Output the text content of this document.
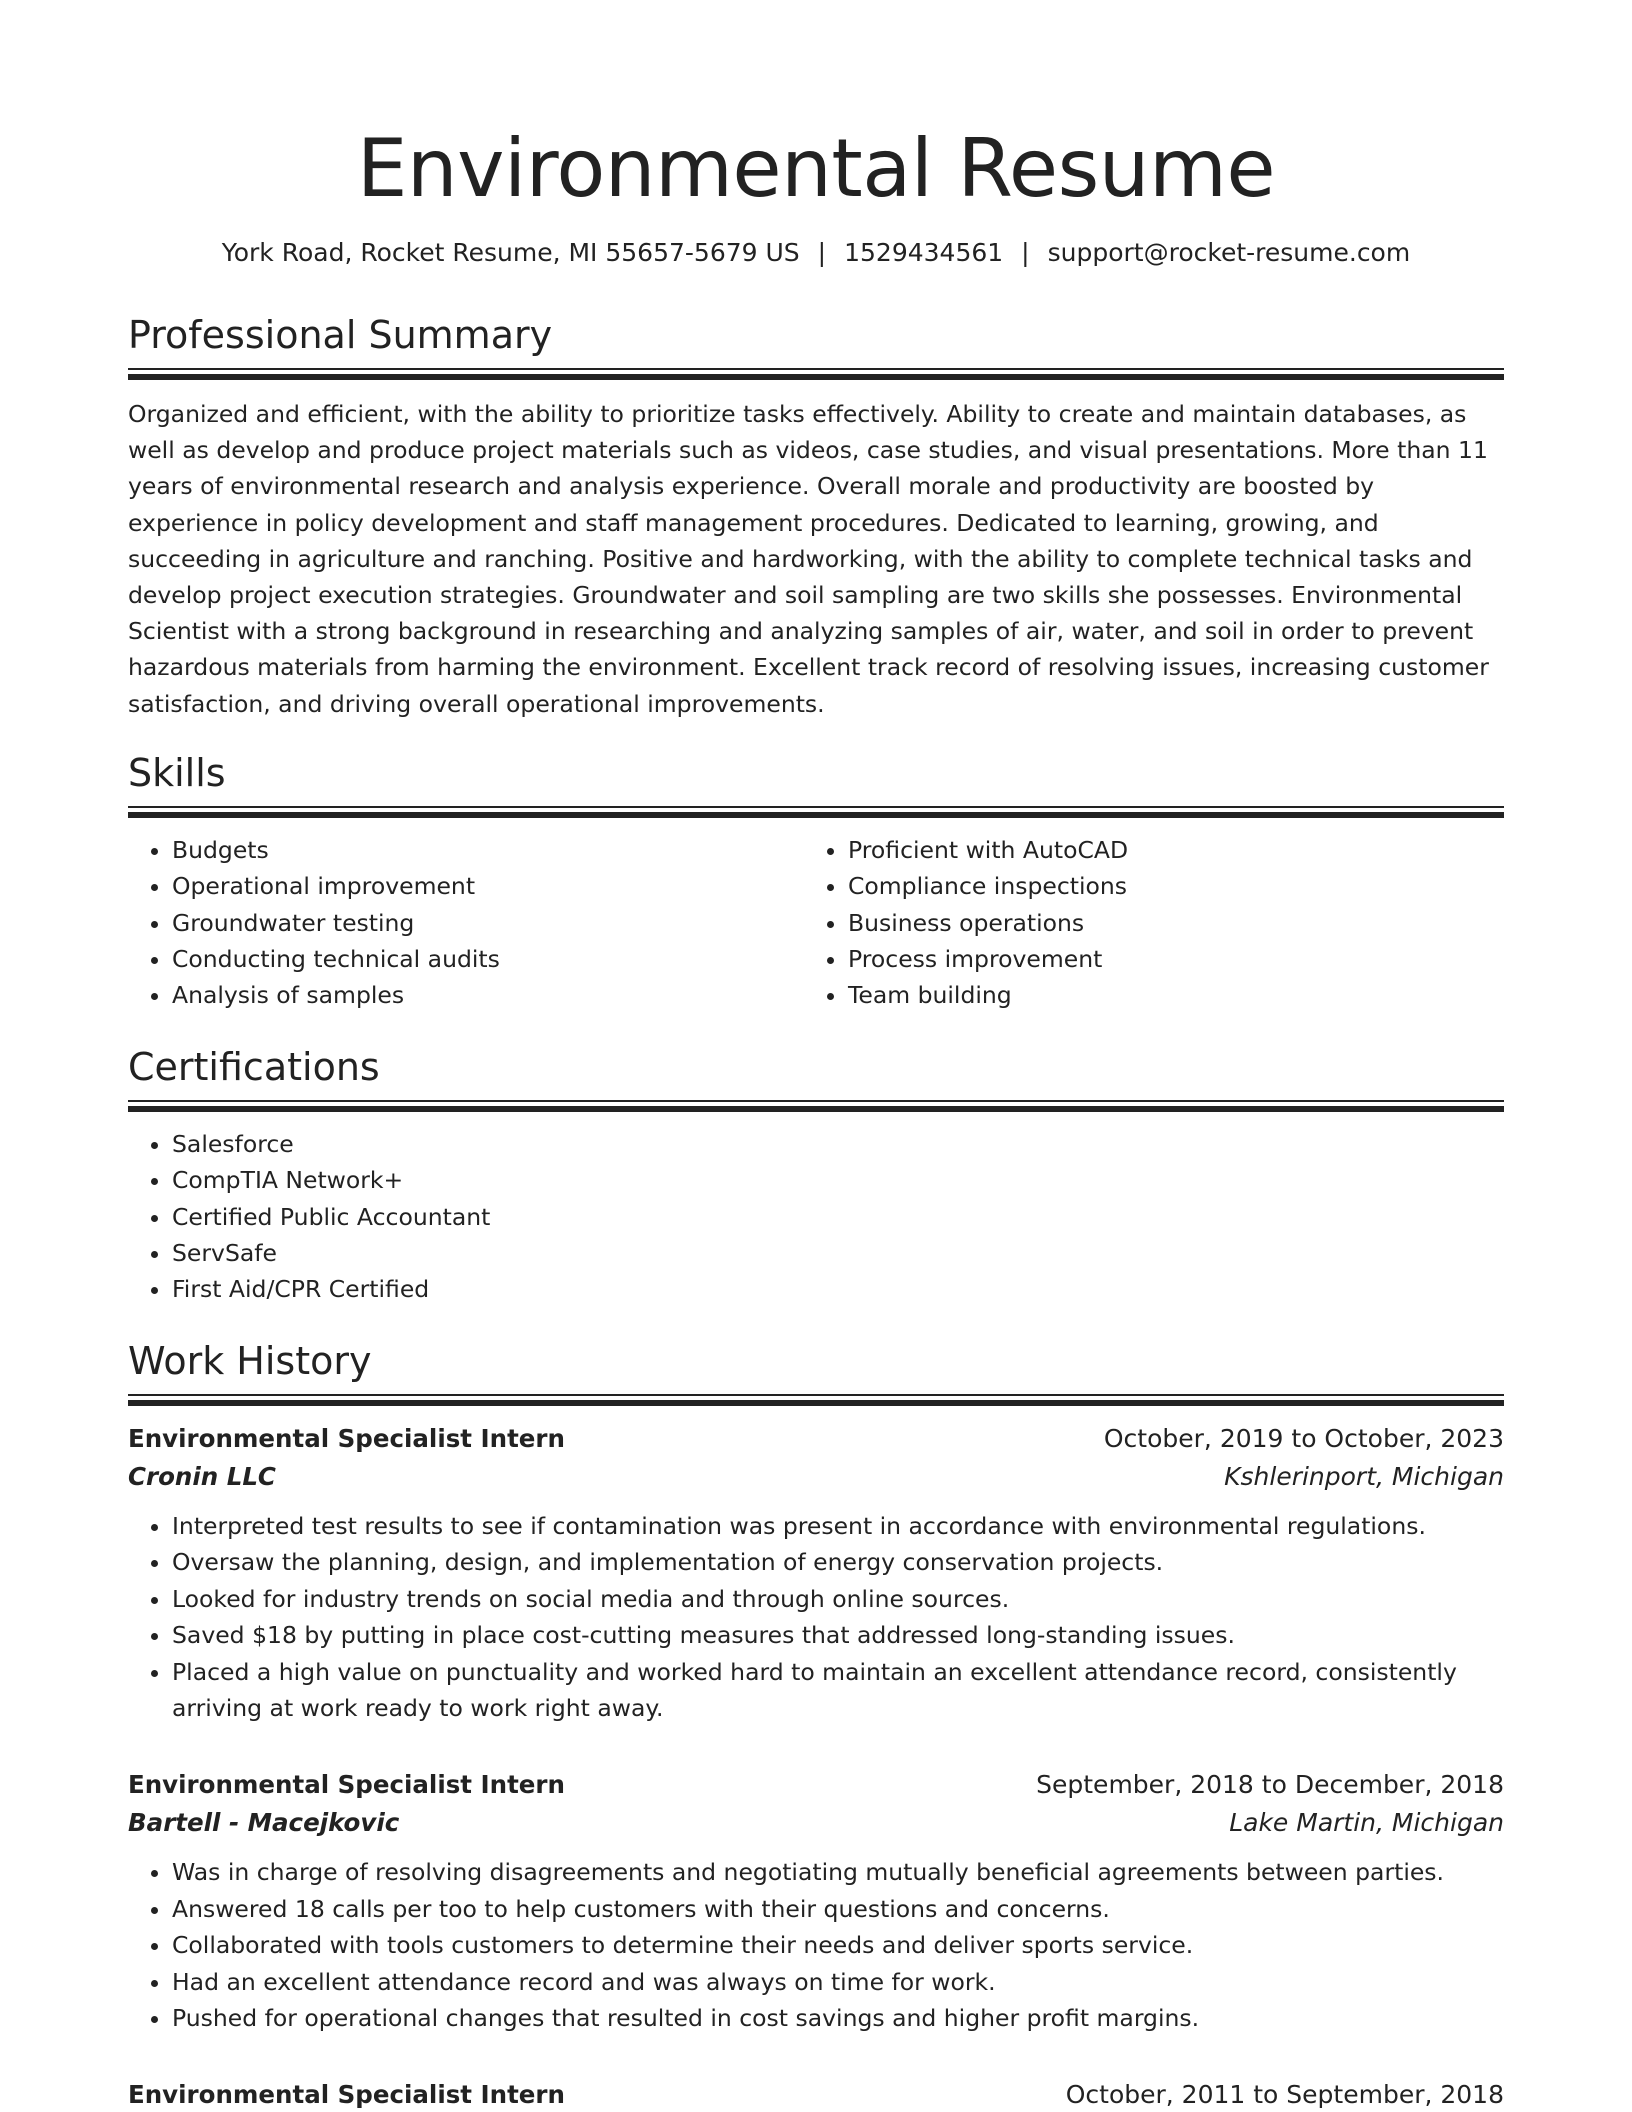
Environmental Resume
York Road, Rocket Resume, MI 55657-5679 US | 1529434561 | support@rocket-resume.com
Professional Summary

Organized and efficient, with the ability to prioritize tasks effectively. Ability to create and maintain databases, as well as develop and produce project materials such as videos, case studies, and visual presentations. More than 11 years of environmental research and analysis experience. Overall morale and productivity are boosted by experience in policy development and staff management procedures. Dedicated to learning, growing, and succeeding in agriculture and ranching. Positive and hardworking, with the ability to complete technical tasks and develop project execution strategies. Groundwater and soil sampling are two skills she possesses. Environmental Scientist with a strong background in researching and analyzing samples of air, water, and soil in order to prevent hazardous materials from harming the environment. Excellent track record of resolving issues, increasing customer satisfaction, and driving overall operational improvements.

Skills
• Budgets
• Operational improvement
• Groundwater testing
• Conducting technical audits
• Analysis of samples
• Proficient with AutoCAD
• Compliance inspections
• Business operations
• Process improvement
• Team building
Certifications
• Salesforce
• CompTIA Network+
• Certified Public Accountant
• ServSafe
• First Aid/CPR Certified
Work History
Environmental Specialist Intern	October, 2019 to October, 2023
Cronin LLC	Kshlerinport, Michigan
• Interpreted test results to see if contamination was present in accordance with environmental regulations.
• Oversaw the planning, design, and implementation of energy conservation projects.
• Looked for industry trends on social media and through online sources.
• Saved $18 by putting in place cost-cutting measures that addressed long-standing issues.
• Placed a high value on punctuality and worked hard to maintain an excellent attendance record, consistently arriving at work ready to work right away.
Environmental Specialist Intern	September, 2018 to December, 2018
Bartell - Macejkovic	Lake Martin, Michigan
• Was in charge of resolving disagreements and negotiating mutually beneficial agreements between parties.
• Answered 18 calls per too to help customers with their questions and concerns.
• Collaborated with tools customers to determine their needs and deliver sports service.
• Had an excellent attendance record and was always on time for work.
• Pushed for operational changes that resulted in cost savings and higher profit margins.
Environmental Specialist Intern	October, 2011 to September, 2018
